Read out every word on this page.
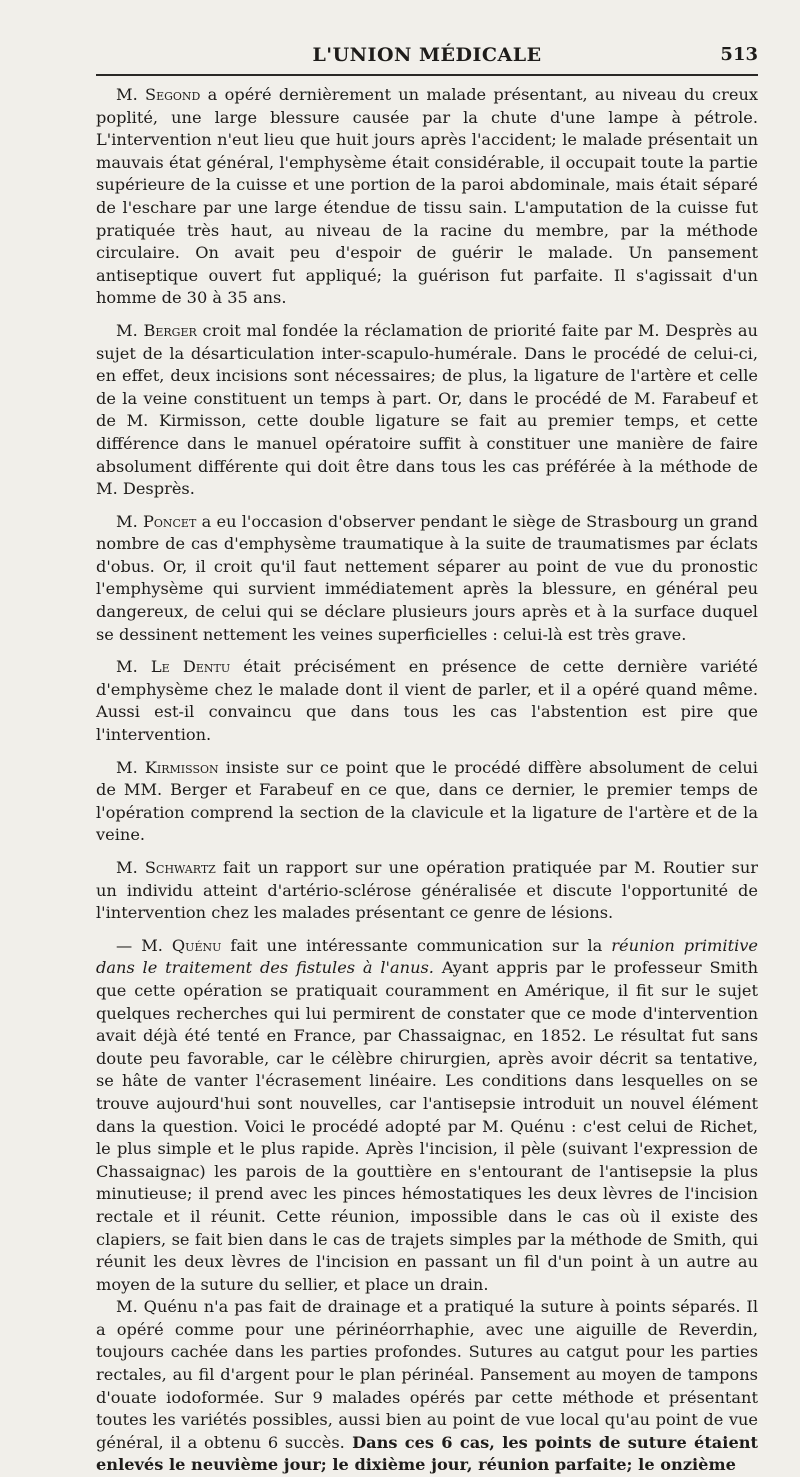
L'UNION MÉDICALE	513

M. Segond a opéré dernièrement un malade présentant, au niveau du creux poplité, une large blessure causée par la chute d'une lampe à pétrole. L'intervention n'eut lieu que huit jours après l'accident; le malade présentait un mauvais état général, l'emphysème était considérable, il occupait toute la partie supérieure de la cuisse et une portion de la paroi abdominale, mais était séparé de l'eschare par une large étendue de tissu sain. L'amputation de la cuisse fut pratiquée très haut, au niveau de la racine du membre, par la méthode circulaire. On avait peu d'espoir de guérir le malade. Un pansement antiseptique ouvert fut appliqué; la guérison fut parfaite. Il s'agissait d'un homme de 30 à 35 ans.

M. Berger croit mal fondée la réclamation de priorité faite par M. Desprès au sujet de la désarticulation inter-scapulo-humérale. Dans le procédé de celui-ci, en effet, deux incisions sont nécessaires; de plus, la ligature de l'artère et celle de la veine constituent un temps à part. Or, dans le procédé de M. Farabeuf et de M. Kirmisson, cette double ligature se fait au premier temps, et cette différence dans le manuel opératoire suffit à constituer une manière de faire absolument différente qui doit être dans tous les cas préférée à la méthode de M. Desprès.

M. Poncet a eu l'occasion d'observer pendant le siège de Strasbourg un grand nombre de cas d'emphysème traumatique à la suite de traumatismes par éclats d'obus. Or, il croit qu'il faut nettement séparer au point de vue du pronostic l'emphysème qui survient immédiatement après la blessure, en général peu dangereux, de celui qui se déclare plusieurs jours après et à la surface duquel se dessinent nettement les veines superficielles : celui-là est très grave.

M. Le Dentu était précisément en présence de cette dernière variété d'emphysème chez le malade dont il vient de parler, et il a opéré quand même. Aussi est-il convaincu que dans tous les cas l'abstention est pire que l'intervention.

M. Kirmisson insiste sur ce point que le procédé diffère absolument de celui de MM. Berger et Farabeuf en ce que, dans ce dernier, le premier temps de l'opération comprend la section de la clavicule et la ligature de l'artère et de la veine.

M. Schwartz fait un rapport sur une opération pratiquée par M. Routier sur un individu atteint d'artério-sclérose généralisée et discute l'opportunité de l'intervention chez les malades présentant ce genre de lésions.

— M. Quénu fait une intéressante communication sur la réunion primitive dans le traitement des fistules à l'anus. Ayant appris par le professeur Smith que cette opération se pratiquait couramment en Amérique, il fit sur le sujet quelques recherches qui lui permirent de constater que ce mode d'intervention avait déjà été tenté en France, par Chassaignac, en 1852. Le résultat fut sans doute peu favorable, car le célèbre chirurgien, après avoir décrit sa tentative, se hâte de vanter l'écrasement linéaire. Les conditions dans lesquelles on se trouve aujourd'hui sont nouvelles, car l'antisepsie introduit un nouvel élément dans la question. Voici le procédé adopté par M. Quénu : c'est celui de Richet, le plus simple et le plus rapide. Après l'incision, il pèle (suivant l'expression de Chassaignac) les parois de la gouttière en s'entourant de l'antisepsie la plus minutieuse; il prend avec les pinces hémostatiques les deux lèvres de l'incision rectale et il réunit. Cette réunion, impossible dans le cas où il existe des clapiers, se fait bien dans le cas de trajets simples par la méthode de Smith, qui réunit les deux lèvres de l'incision en passant un fil d'un point à un autre au moyen de la suture du sellier, et place un drain.

M. Quénu n'a pas fait de drainage et a pratiqué la suture à points séparés. Il a opéré comme pour une périnéorrhaphie, avec une aiguille de Reverdin, toujours cachée dans les parties profondes. Sutures au catgut pour les parties rectales, au fil d'argent pour le plan périnéal. Pansement au moyen de tampons d'ouate iodoformée. Sur 9 malades opérés par cette méthode et présentant toutes les variétés possibles, aussi bien au point de vue local qu'au point de vue général, il a obtenu 6 succès. Dans ces 6 cas, les points de suture étaient enlevés le neuvième jour; le dixième jour, réunion parfaite; le onzième
